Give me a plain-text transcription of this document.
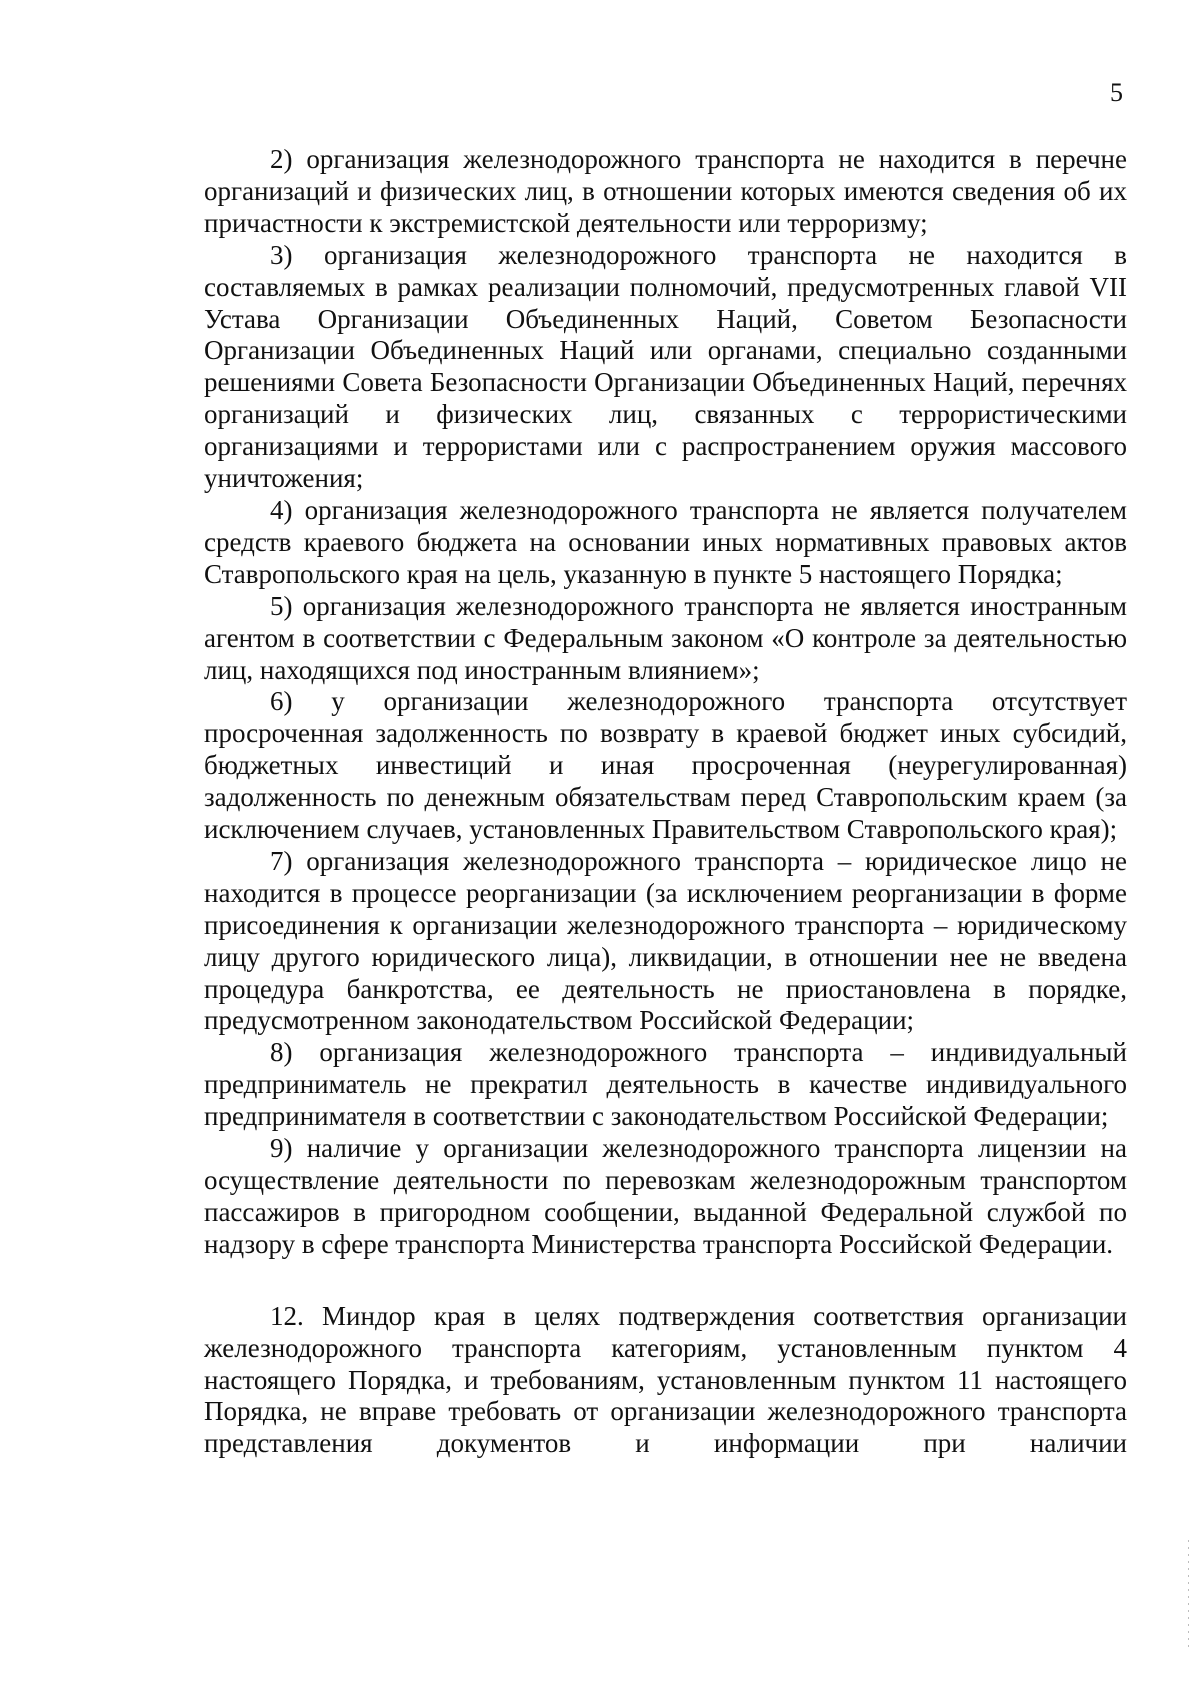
5

2) организация железнодорожного транспорта не находится в перечне организаций и физических лиц, в отношении которых имеются сведения об их причастности к экстремистской деятельности или терроризму;

3) организация железнодорожного транспорта не находится в составляемых в рамках реализации полномочий, предусмотренных главой VII Устава Организации Объединенных Наций, Советом Безопасности Организации Объединенных Наций или органами, специально созданными решениями Совета Безопасности Организации Объединенных Наций, перечнях организаций и физических лиц, связанных с террористическими организациями и террористами или с распространением оружия массового уничтожения;

4) организация железнодорожного транспорта не является получателем средств краевого бюджета на основании иных нормативных правовых актов Ставропольского края на цель, указанную в пункте 5 настоящего Порядка;

5) организация железнодорожного транспорта не является иностранным агентом в соответствии с Федеральным законом «О контроле за деятельностью лиц, находящихся под иностранным влиянием»;

6) у организации железнодорожного транспорта отсутствует просроченная задолженность по возврату в краевой бюджет иных субсидий, бюджетных инвестиций и иная просроченная (неурегулированная) задолженность по денежным обязательствам перед Ставропольским краем (за исключением случаев, установленных Правительством Ставропольского края);

7) организация железнодорожного транспорта – юридическое лицо не находится в процессе реорганизации (за исключением реорганизации в форме присоединения к организации железнодорожного транспорта – юридическому лицу другого юридического лица), ликвидации, в отношении нее не введена процедура банкротства, ее деятельность не приостановлена в порядке, предусмотренном законодательством Российской Федерации;

8) организация железнодорожного транспорта – индивидуальный предприниматель не прекратил деятельность в качестве индивидуального предпринимателя в соответствии с законодательством Российской Федерации;

9) наличие у организации железнодорожного транспорта лицензии на осуществление деятельности по перевозкам железнодорожным транспортом пассажиров в пригородном сообщении, выданной Федеральной службой по надзору в сфере транспорта Министерства транспорта Российской Федерации.

12. Миндор края в целях подтверждения соответствия организации железнодорожного транспорта категориям, установленным пунктом 4 настоящего Порядка, и требованиям, установленным пунктом 11 настоящего Порядка, не вправе требовать от организации железнодорожного транспорта представления документов и информации при наличии
